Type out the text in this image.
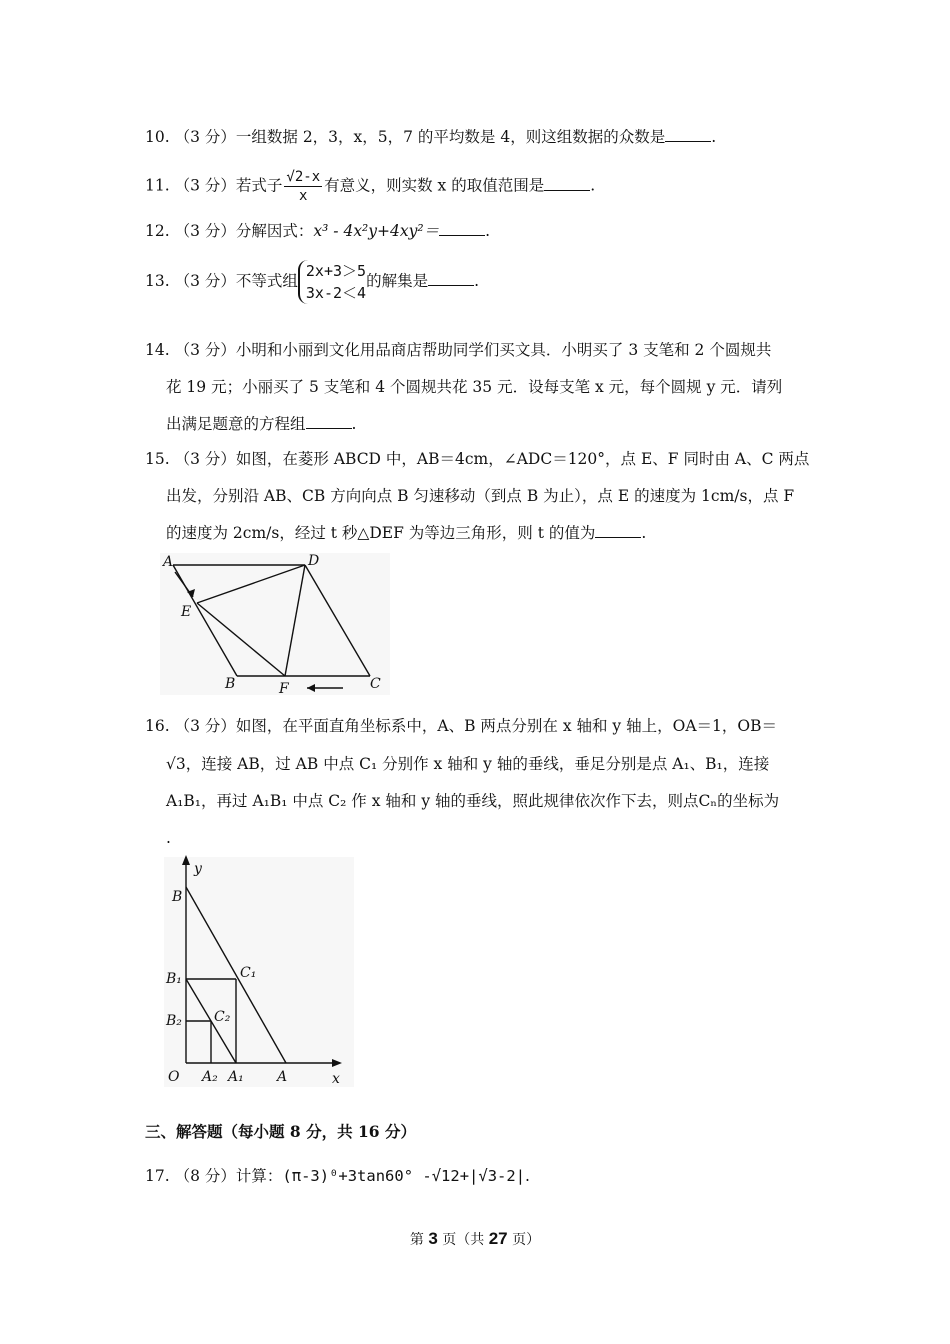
10. （3 分）一组数据 2，3，x，5，7 的平均数是 4，则这组数据的众数是	.
11. （3 分）若式子 $\frac{√2-x}{x}$ 有意义，则实数 x 的取值范围是	.
12. （3 分）分解因式：x³ - 4x²y+4xy²＝	.
13. （3 分）不等式组
2x+3＞5
3x-2＜4
的解集是	.
14. （3 分）小明和小丽到文化用品商店帮助同学们买文具．小明买了 3 支笔和 2 个圆规共
花 19 元；小丽买了 5 支笔和 4 个圆规共花 35 元．设每支笔 x 元，每个圆规 y 元．请列
出满足题意的方程组	.
15. （3 分）如图，在菱形 ABCD 中，AB＝4cm，∠ADC＝120°，点 E、F 同时由 A、C 两点
出发，分别沿 AB、CB 方向向点 B 匀速移动（到点 B 为止），点 E 的速度为 1cm/s，点 F
的速度为 2cm/s，经过 t 秒△DEF 为等边三角形，则 t 的值为	.
A	D
E
B	F	C
16. （3 分）如图，在平面直角坐标系中，A、B 两点分别在 x 轴和 y 轴上，OA＝1，OB＝
√3，连接 AB，过 AB 中点 C₁ 分别作 x 轴和 y 轴的垂线，垂足分别是点 A₁、B₁，连接
A₁B₁，再过 A₁B₁ 中点 C₂ 作 x 轴和 y 轴的垂线，照此规律依次作下去，则点Cₙ的坐标为
.
y
x
B
B₁
B₂
C₁
C₂
O A₂ A₁ A
三、解答题（每小题 8 分，共 16 分）
17. （8 分）计算：(π-3)⁰+3tan60° -√12+|√3-2|.
第 3 页（共 27 页）
